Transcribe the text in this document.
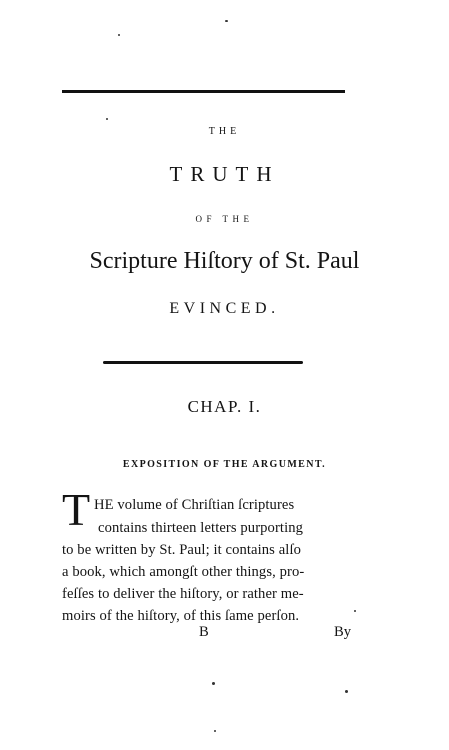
THE
TRUTH
OF THE
Scripture Hiſtory of St. Paul
EVINCED.
CHAP. I.
EXPOSITION OF THE ARGUMENT.
T HE volume of Chriſtian ſcriptures
contains thirteen letters purporting
to be written by St. Paul; it contains alſo
a book, which amongſt other things, pro-
feſſes to deliver the hiſtory, or rather me-
moirs of the hiſtory, of this ſame perſon.
B	By
